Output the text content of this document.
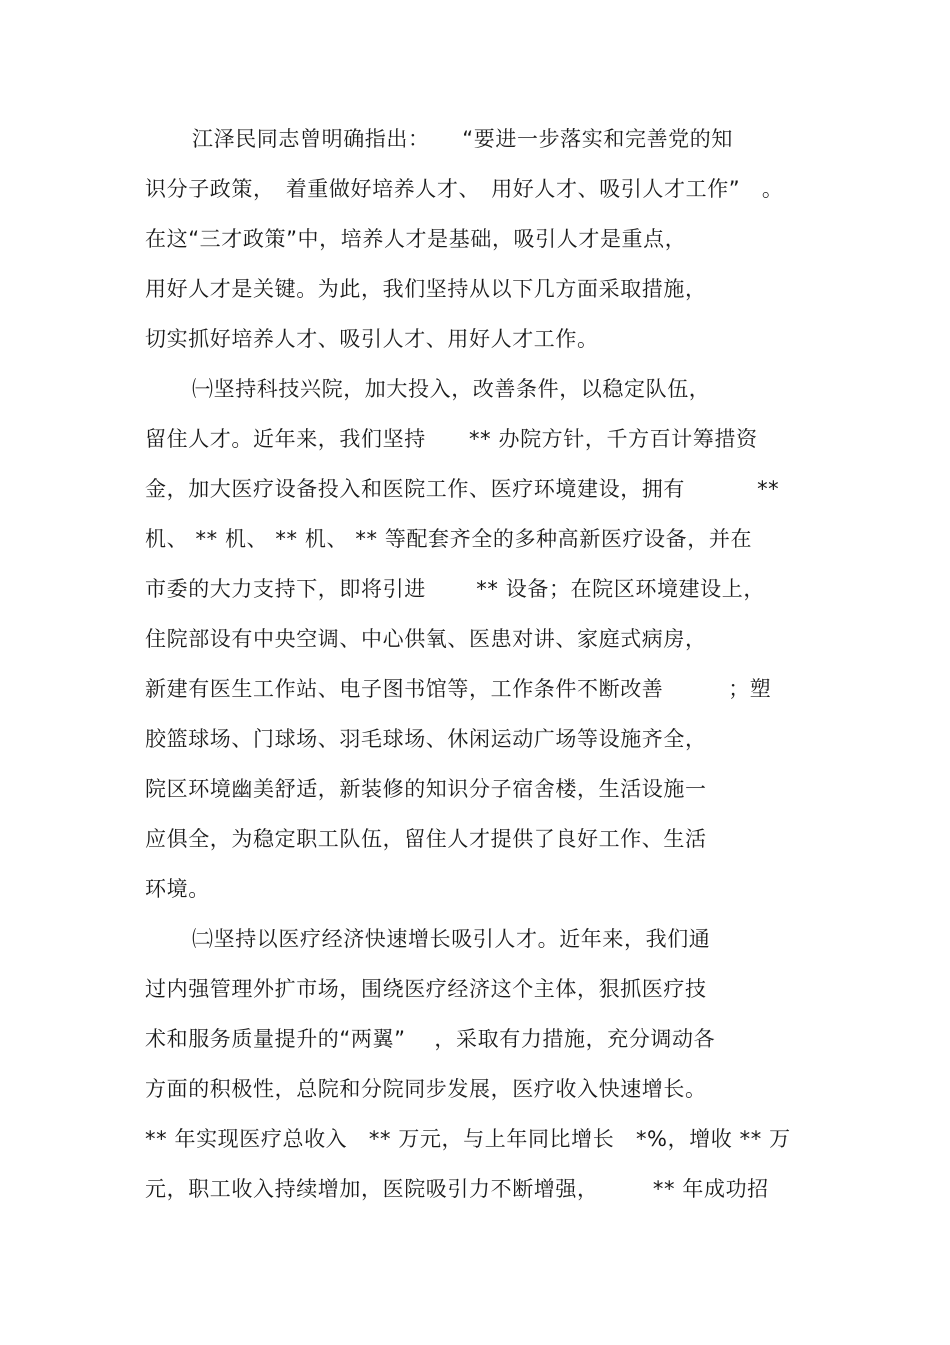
江泽民同志曾明确指出：　　“要进一步落实和完善党的知
识分子政策，　着重做好培养人才、　用好人才、吸引人才工作”　。
在这“三才政策”中，培养人才是基础，吸引人才是重点，
用好人才是关键。为此，我们坚持从以下几方面采取措施，
切实抓好培养人才、吸引人才、用好人才工作。
㈠坚持科技兴院，加大投入，改善条件，以稳定队伍，
留住人才。近年来，我们坚持　　** 办院方针，千方百计筹措资
金，加大医疗设备投入和医院工作、医疗环境建设，拥有　　　 **
机、 ** 机、 ** 机、 ** 等配套齐全的多种高新医疗设备，并在
市委的大力支持下，即将引进　　 ** 设备；在院区环境建设上，
住院部设有中央空调、中心供氧、医患对讲、家庭式病房，
新建有医生工作站、电子图书馆等，工作条件不断改善　　　；塑
胶篮球场、门球场、羽毛球场、休闲运动广场等设施齐全，
院区环境幽美舒适，新装修的知识分子宿舍楼，生活设施一
应俱全，为稳定职工队伍，留住人才提供了良好工作、生活
环境。
㈡坚持以医疗经济快速增长吸引人才。近年来，我们通
过内强管理外扩市场，围绕医疗经济这个主体，狠抓医疗技
术和服务质量提升的“两翼”　 ，采取有力措施，充分调动各
方面的积极性，总院和分院同步发展，医疗收入快速增长。
** 年实现医疗总收入　** 万元，与上年同比增长　*%，增收 ** 万
元，职工收入持续增加，医院吸引力不断增强，　　　** 年成功招
